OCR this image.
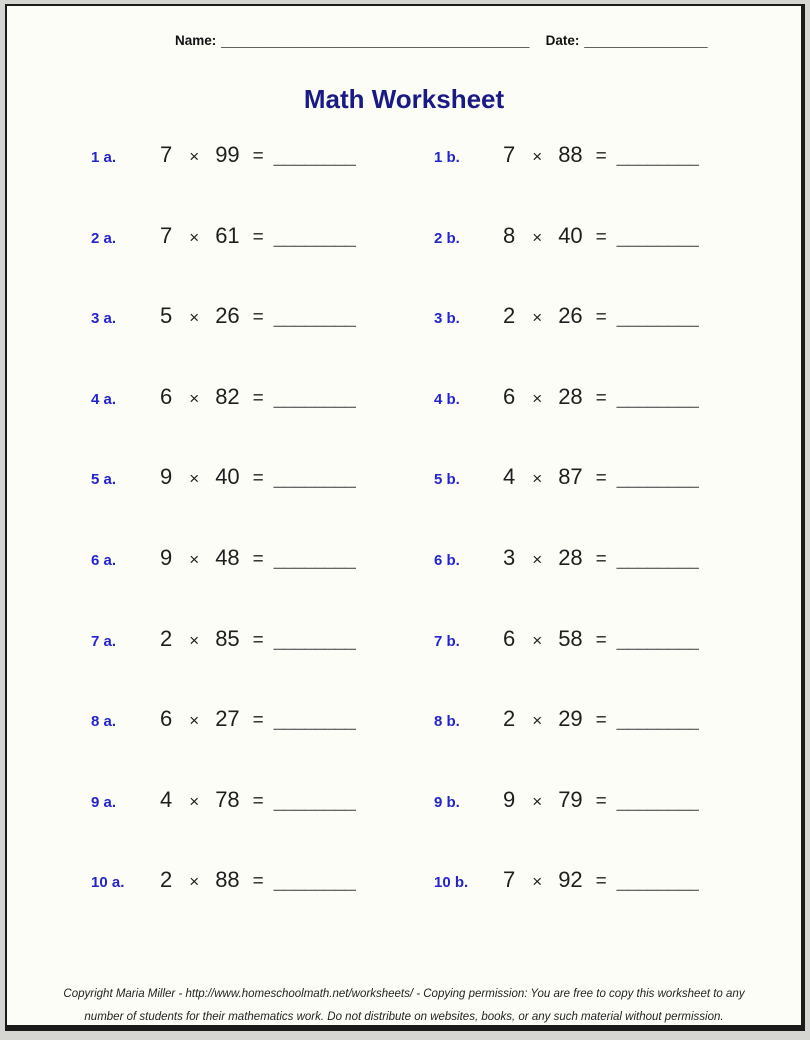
Name: ________________________________________ Date: ________________
Math Worksheet
1 a.	7 × 99 = ________	1 b.	7 × 88 = ________
2 a.	7 × 61 = ________	2 b.	8 × 40 = ________
3 a.	5 × 26 = ________	3 b.	2 × 26 = ________
4 a.	6 × 82 = ________	4 b.	6 × 28 = ________
5 a.	9 × 40 = ________	5 b.	4 × 87 = ________
6 a.	9 × 48 = ________	6 b.	3 × 28 = ________
7 a.	2 × 85 = ________	7 b.	6 × 58 = ________
8 a.	6 × 27 = ________	8 b.	2 × 29 = ________
9 a.	4 × 78 = ________	9 b.	9 × 79 = ________
10 a.	2 × 88 = ________	10 b.	7 × 92 = ________
Copyright Maria Miller - http://www.homeschoolmath.net/worksheets/ - Copying permission: You are free to copy this worksheet to any
number of students for their mathematics work. Do not distribute on websites, books, or any such material without permission.
